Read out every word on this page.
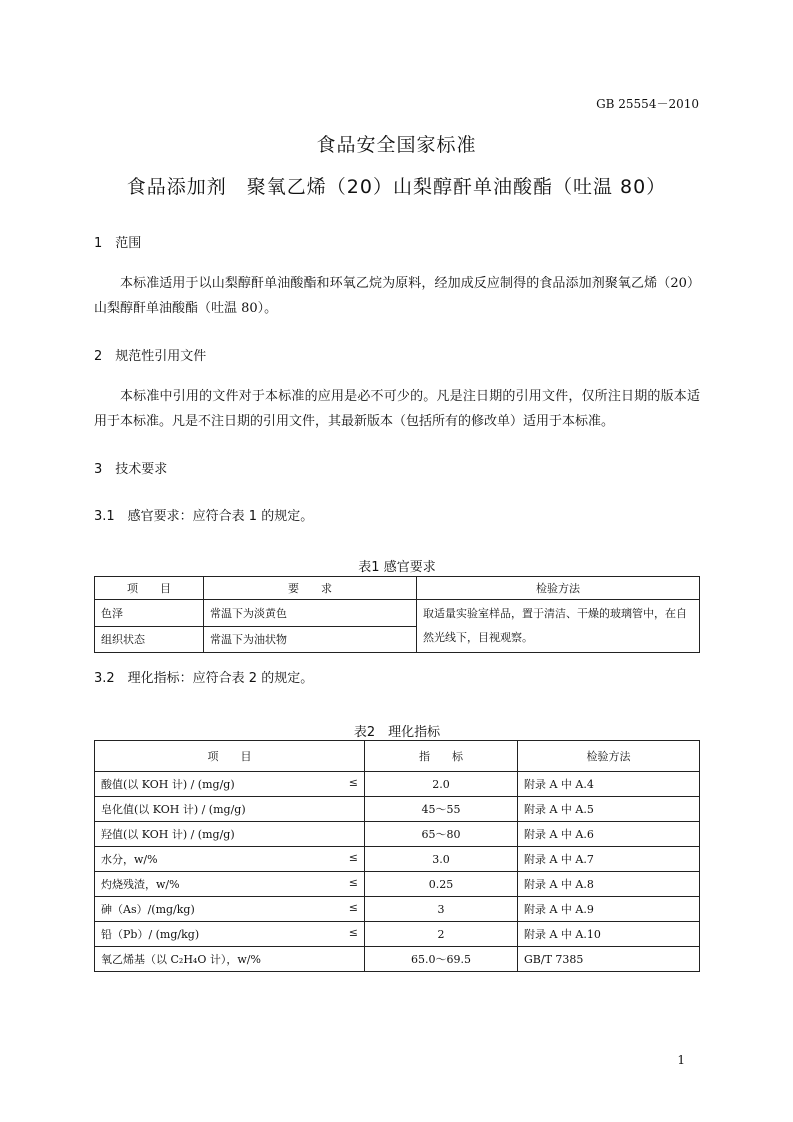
GB 25554－2010
食品安全国家标准
食品添加剂　聚氧乙烯（20）山梨醇酐单油酸酯（吐温 80）
1　范围
本标准适用于以山梨醇酐单油酸酯和环氧乙烷为原料，经加成反应制得的食品添加剂聚氧乙烯（20）山梨醇酐单油酸酯（吐温 80）。
2　规范性引用文件
本标准中引用的文件对于本标准的应用是必不可少的。凡是注日期的引用文件，仅所注日期的版本适用于本标准。凡是不注日期的引用文件，其最新版本（包括所有的修改单）适用于本标准。
3　技术要求
3.1　感官要求：应符合表 1 的规定。
表1 感官要求
项　　目	要　　求	检验方法
色泽	常温下为淡黄色	取适量实验室样品，置于清洁、干燥的玻璃管中，在自然光线下，目视观察。
组织状态	常温下为油状物	
3.2　理化指标：应符合表 2 的规定。
表2　理化指标
项　　目	指　　标	检验方法

酸值(以 KOH 计) / (mg/g) ≤	2.0	附录 A 中 A.4

皂化值(以 KOH 计) / (mg/g)	45～55	附录 A 中 A.5

羟值(以 KOH 计) / (mg/g)	65～80	附录 A 中 A.6

水分，w/% ≤	3.0	附录 A 中 A.7

灼烧残渣，w/% ≤	0.25	附录 A 中 A.8

砷（As）/(mg/kg) ≤	3	附录 A 中 A.9

铅（Pb）/ (mg/kg) ≤	2	附录 A 中 A.10

氧乙烯基（以 C₂H₄O 计），w/%	65.0～69.5	GB/T 7385
1
